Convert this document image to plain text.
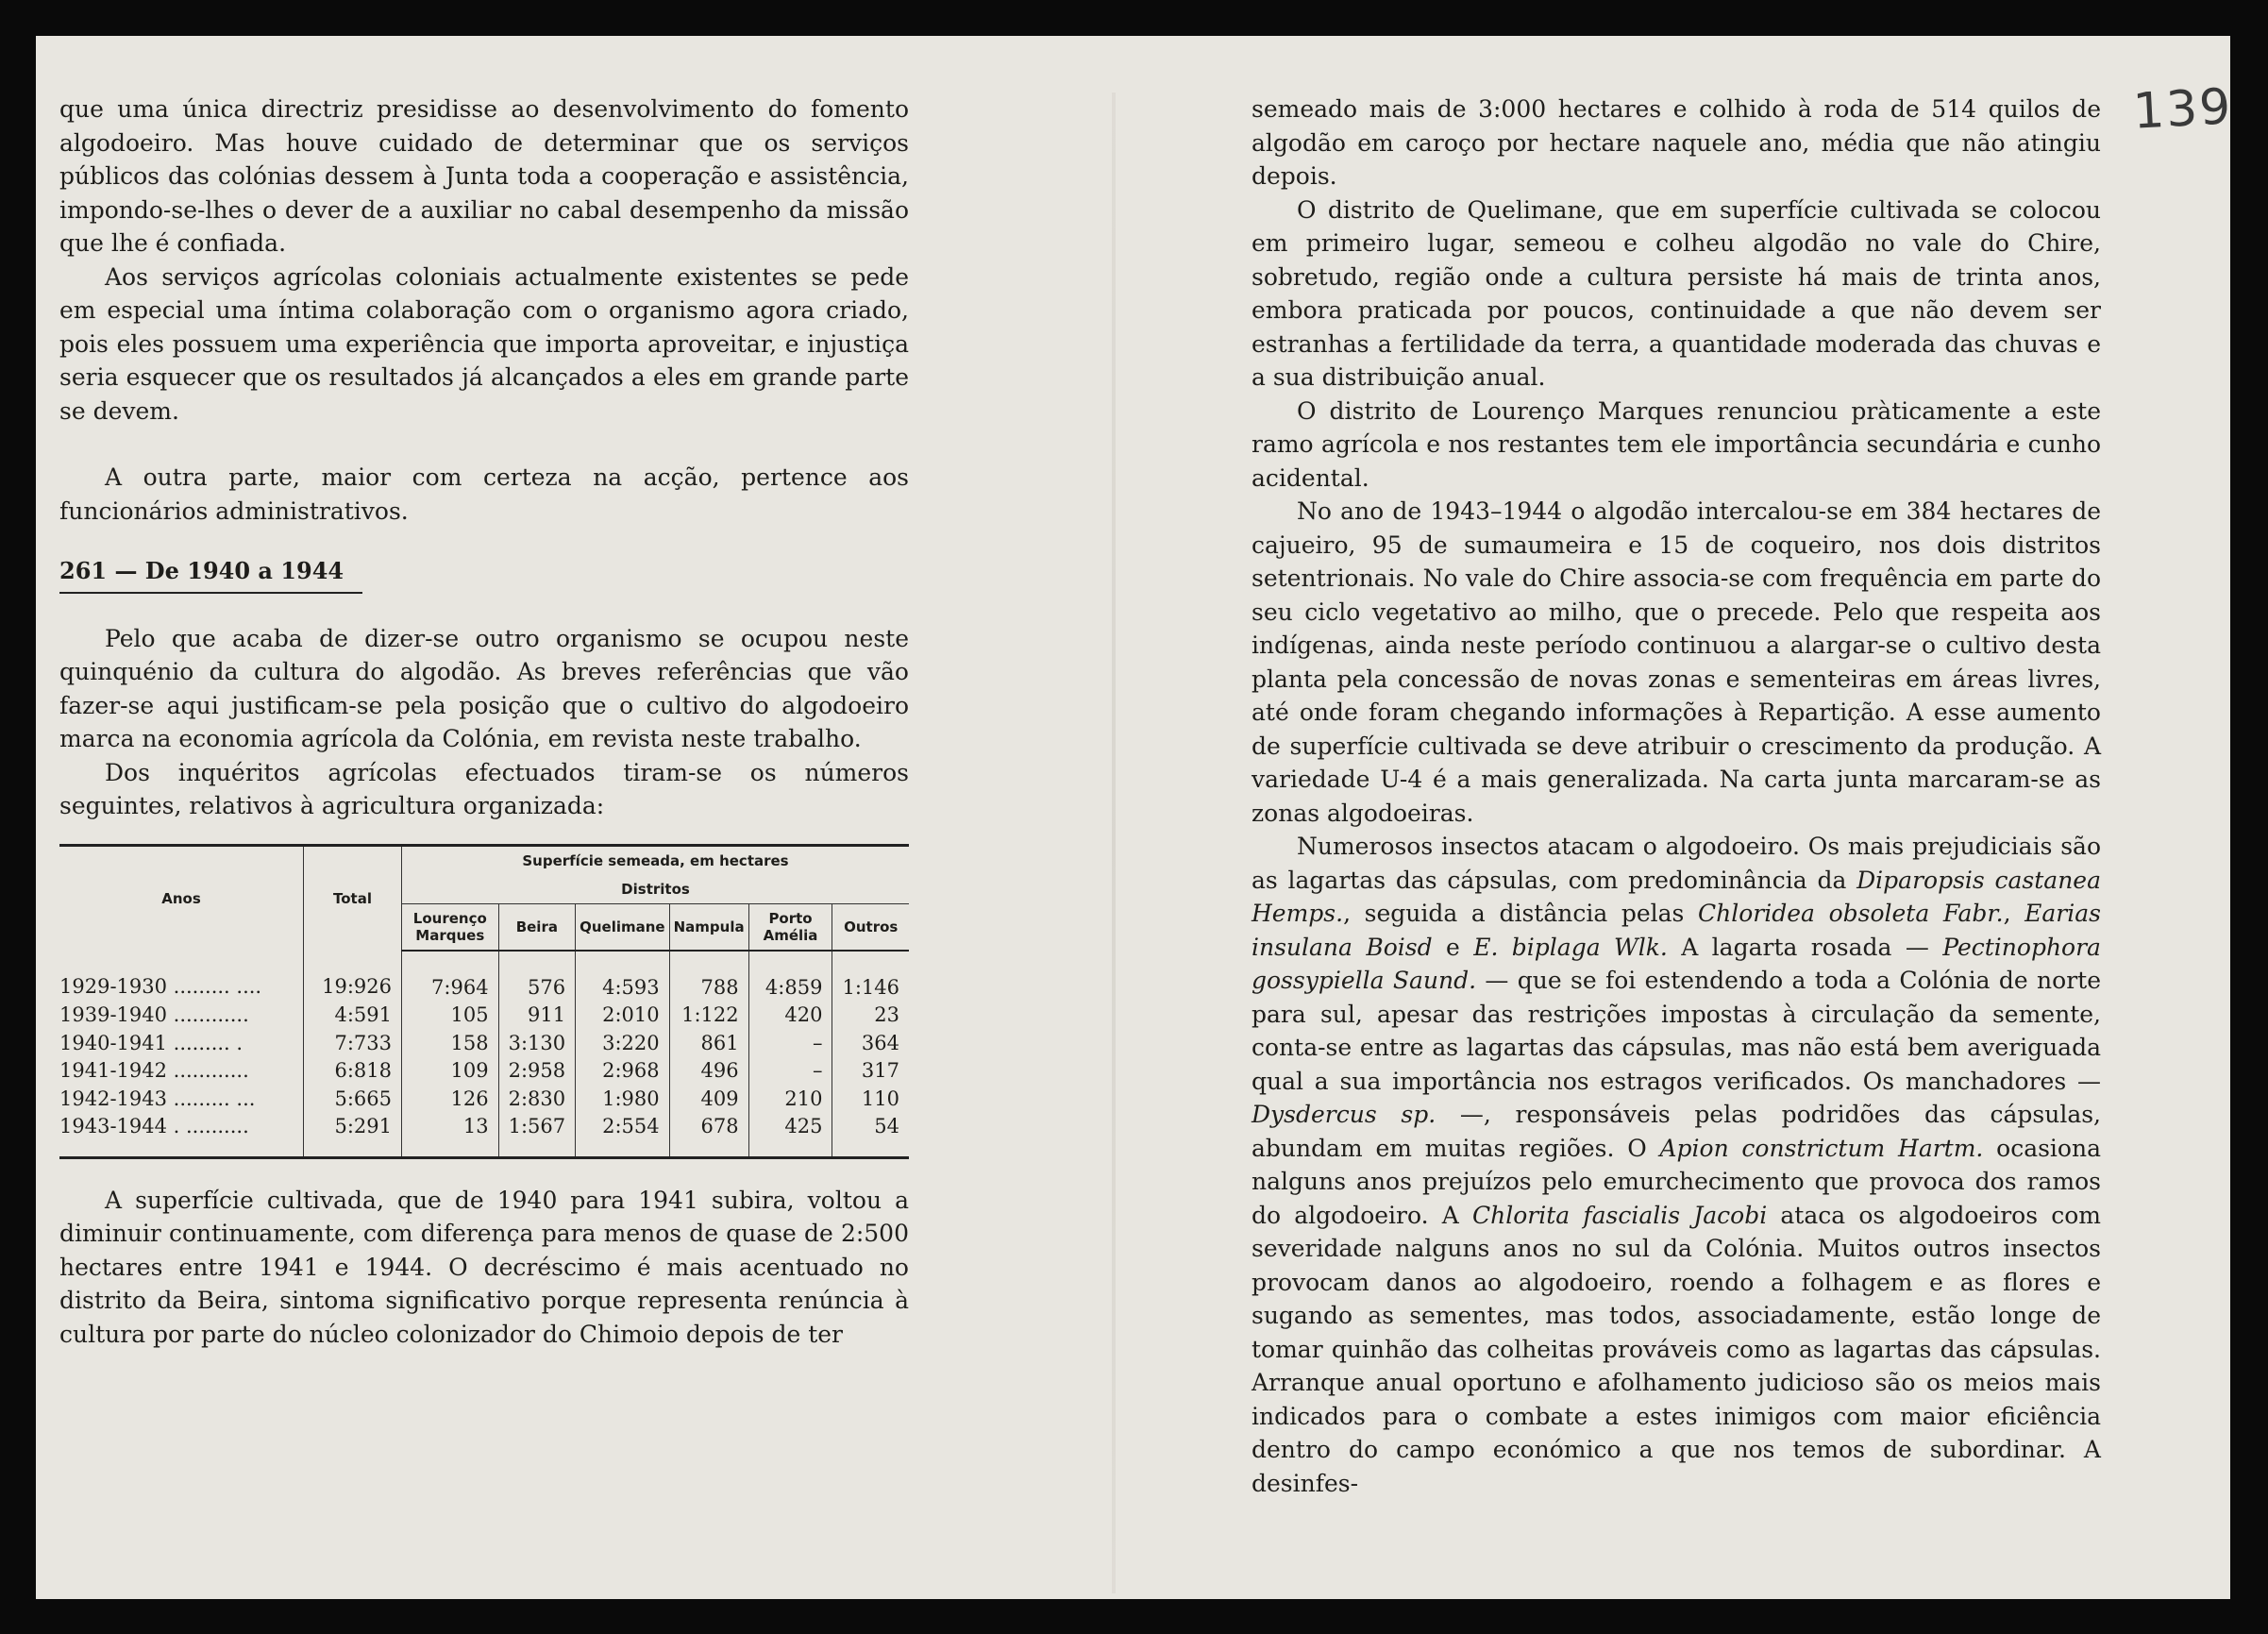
139

que uma única directriz presidisse ao desenvolvimento do fomento algodoeiro. Mas houve cuidado de determinar que os serviços públicos das colónias dessem à Junta toda a cooperação e assistência, impondo-se-lhes o dever de a auxiliar no cabal desempenho da missão que lhe é confiada.

Aos serviços agrícolas coloniais actualmente existentes se pede em especial uma íntima colaboração com o organismo agora criado, pois eles possuem uma experiência que importa aproveitar, e injustiça seria esquecer que os resultados já alcançados a eles em grande parte se devem.

A outra parte, maior com certeza na acção, pertence aos funcionários administrativos.

261 — De 1940 a 1944

Pelo que acaba de dizer-se outro organismo se ocupou neste quinquénio da cultura do algodão. As breves referências que vão fazer-se aqui justificam-se pela posição que o cultivo do algodoeiro marca na economia agrícola da Colónia, em revista neste trabalho.

Dos inquéritos agrícolas efectuados tiram-se os números seguintes, relativos à agricultura organizada:

Anos	Total	Superfície semeada, em hectares					
		Distritos					
		Lourenço Marques	Beira	Quelimane	Nampula	Porto Amélia	Outros
1929-1930 ......... ....	19:926	7:964	576	4:593	788	4:859	1:146
1939-1940 ............	4:591	105	911	2:010	1:122	420	23
1940-1941 ......... .	7:733	158	3:130	3:220	861	–	364
1941-1942 ............	6:818	109	2:958	2:968	496	–	317
1942-1943 ......... ...	5:665	126	2:830	1:980	409	210	110
1943-1944 . ..........	5:291	13	1:567	2:554	678	425	54

A superfície cultivada, que de 1940 para 1941 subira, voltou a diminuir continuamente, com diferença para menos de quase de 2:500 hectares entre 1941 e 1944. O decréscimo é mais acentuado no distrito da Beira, sintoma significativo porque representa renúncia à cultura por parte do núcleo colonizador do Chimoio depois de ter

semeado mais de 3:000 hectares e colhido à roda de 514 quilos de algodão em caroço por hectare naquele ano, média que não atingiu depois.

O distrito de Quelimane, que em superfície cultivada se colocou em primeiro lugar, semeou e colheu algodão no vale do Chire, sobretudo, região onde a cultura persiste há mais de trinta anos, embora praticada por poucos, continuidade a que não devem ser estranhas a fertilidade da terra, a quantidade moderada das chuvas e a sua distribuição anual.

O distrito de Lourenço Marques renunciou pràticamente a este ramo agrícola e nos restantes tem ele importância secundária e cunho acidental.

No ano de 1943–1944 o algodão intercalou-se em 384 hectares de cajueiro, 95 de sumaumeira e 15 de coqueiro, nos dois distritos setentrionais. No vale do Chire associa-se com frequência em parte do seu ciclo vegetativo ao milho, que o precede. Pelo que respeita aos indígenas, ainda neste período continuou a alargar-se o cultivo desta planta pela concessão de novas zonas e sementeiras em áreas livres, até onde foram chegando informações à Repartição. A esse aumento de superfície cultivada se deve atribuir o crescimento da produção. A variedade U-4 é a mais generalizada. Na carta junta marcaram-se as zonas algodoeiras.

Numerosos insectos atacam o algodoeiro. Os mais prejudiciais são as lagartas das cápsulas, com predominância da Diparopsis castanea Hemps., seguida a distância pelas Chloridea obsoleta Fabr., Earias insulana Boisd e E. biplaga Wlk. A lagarta rosada — Pectinophora gossypiella Saund. — que se foi estendendo a toda a Colónia de norte para sul, apesar das restrições impostas à circulação da semente, conta-se entre as lagartas das cápsulas, mas não está bem averiguada qual a sua importância nos estragos verificados. Os manchadores — Dysdercus sp. —, responsáveis pelas podridões das cápsulas, abundam em muitas regiões. O Apion constrictum Hartm. ocasiona nalguns anos prejuízos pelo emurchecimento que provoca dos ramos do algodoeiro. A Chlorita fascialis Jacobi ataca os algodoeiros com severidade nalguns anos no sul da Colónia. Muitos outros insectos provocam danos ao algodoeiro, roendo a folhagem e as flores e sugando as sementes, mas todos, associadamente, estão longe de tomar quinhão das colheitas prováveis como as lagartas das cápsulas. Arranque anual oportuno e afolhamento judicioso são os meios mais indicados para o combate a estes inimigos com maior eficiência dentro do campo económico a que nos temos de subordinar. A desinfes-
